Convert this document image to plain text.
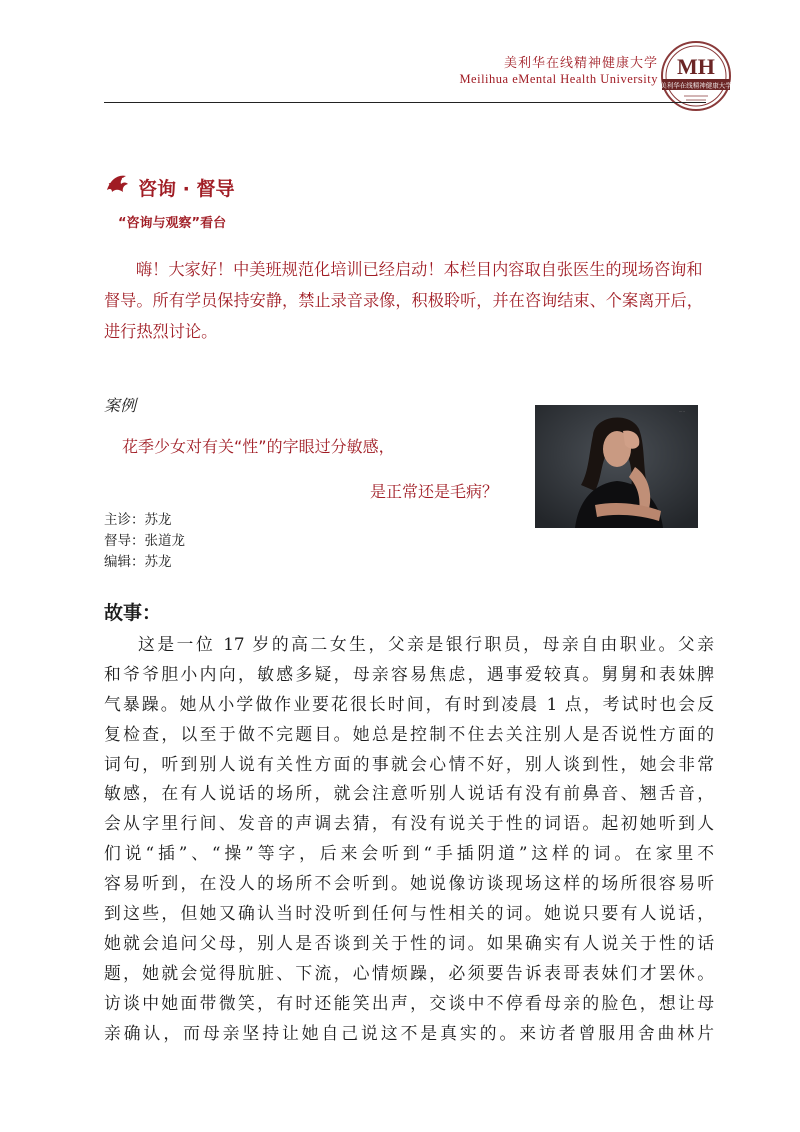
美利华在线精神健康大学
Meilihua eMental Health University MH
美利华在线精神健康大学
咨询 · 督导
“咨询与观察”看台
嗨！大家好！中美班规范化培训已经启动！本栏目内容取自张医生的现场咨询和督导。所有学员保持安静，禁止录音录像，积极聆听，并在咨询结束、个案离开后，进行热烈讨论。
案例
花季少女对有关“性”的字眼过分敏感，
是正常还是毛病？
·····
主诊：苏龙
督导：张道龙
编辑：苏龙
故事：
这是一位 17 岁的高二女生，父亲是银行职员，母亲自由职业。父亲
和爷爷胆小内向，敏感多疑，母亲容易焦虑，遇事爱较真。舅舅和表妹脾
气暴躁。她从小学做作业要花很长时间，有时到凌晨 1 点，考试时也会反
复检查，以至于做不完题目。她总是控制不住去关注别人是否说性方面的
词句，听到别人说有关性方面的事就会心情不好，别人谈到性，她会非常
敏感，在有人说话的场所，就会注意听别人说话有没有前鼻音、翘舌音，
会从字里行间、发音的声调去猜，有没有说关于性的词语。起初她听到人
们说“插”、“操”等字，后来会听到“手插阴道”这样的词。在家里不
容易听到，在没人的场所不会听到。她说像访谈现场这样的场所很容易听
到这些，但她又确认当时没听到任何与性相关的词。她说只要有人说话，
她就会追问父母，别人是否谈到关于性的词。如果确实有人说关于性的话
题，她就会觉得肮脏、下流，心情烦躁，必须要告诉表哥表妹们才罢休。
访谈中她面带微笑，有时还能笑出声，交谈中不停看母亲的脸色，想让母
亲确认，而母亲坚持让她自己说这不是真实的。来访者曾服用舍曲林片
